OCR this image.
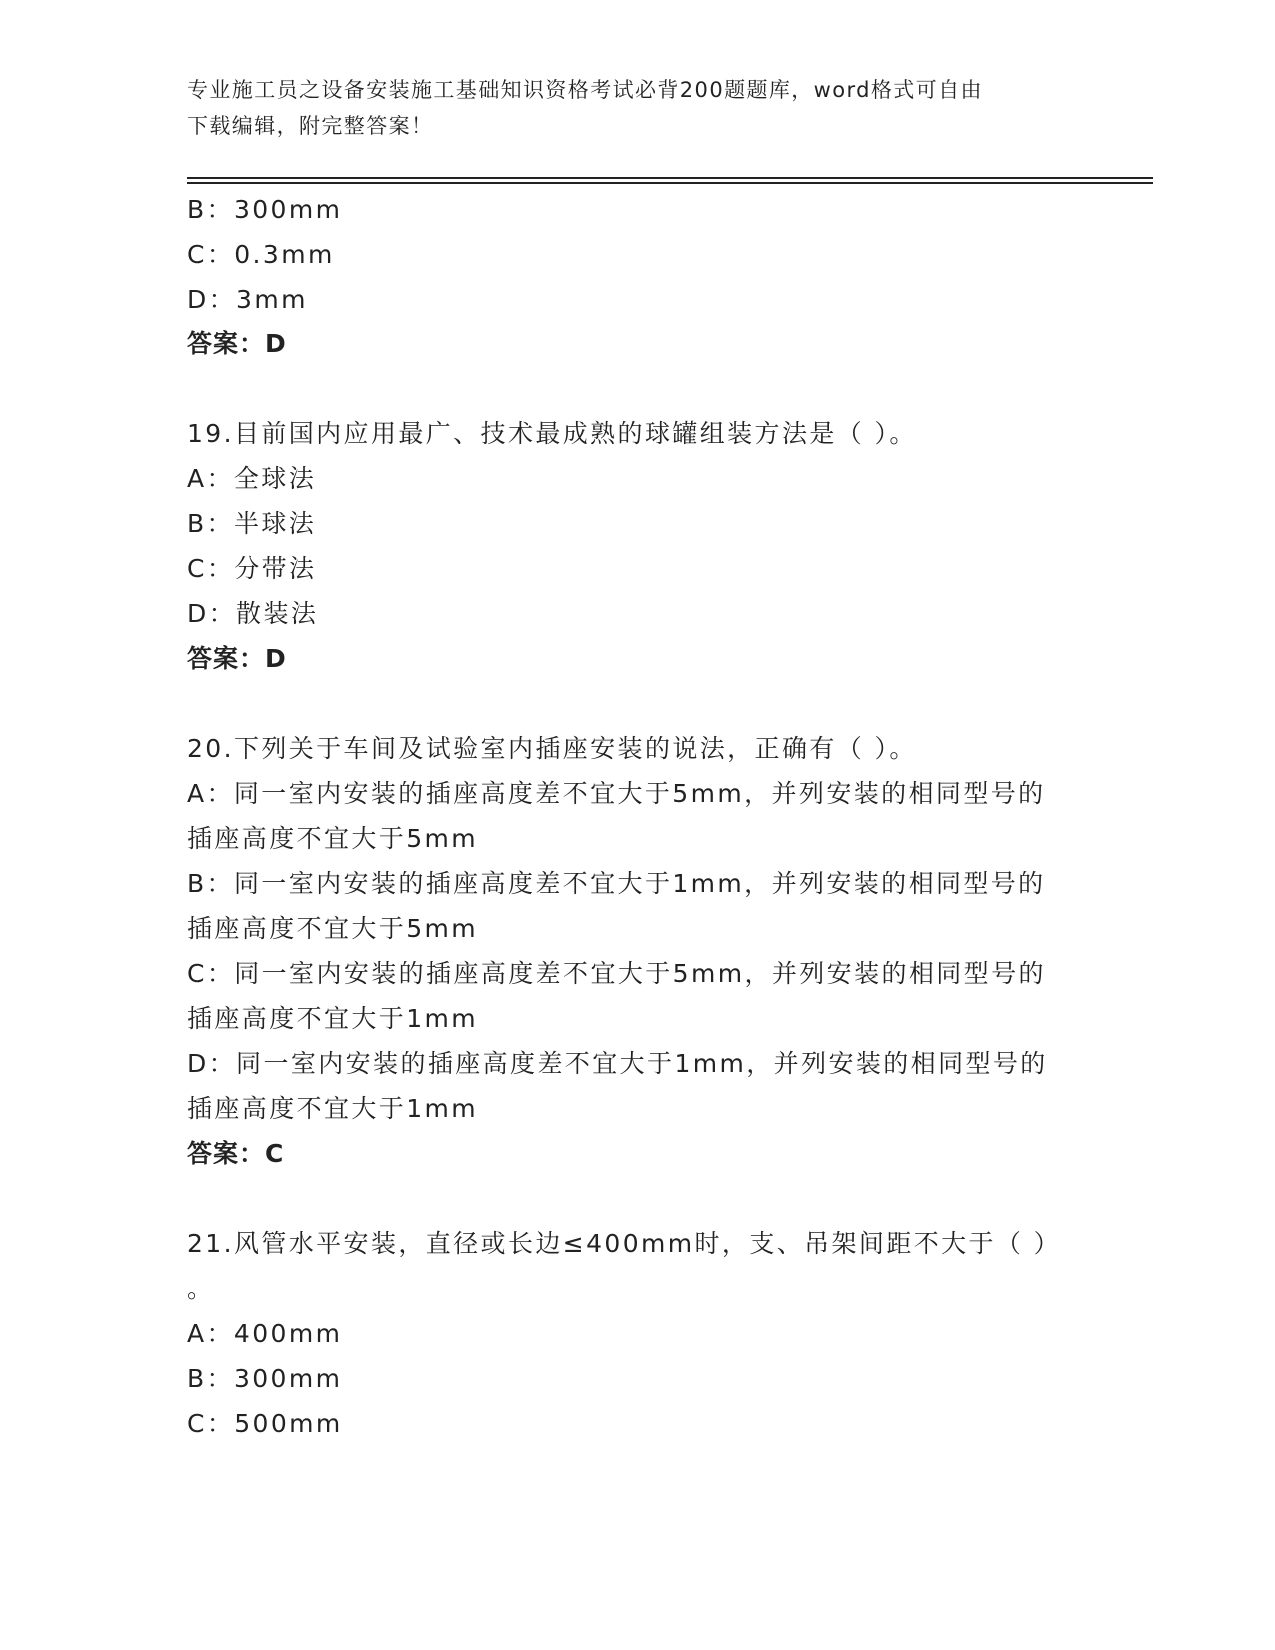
专业施工员之设备安装施工基础知识资格考试必背200题题库，word格式可自由
下载编辑，附完整答案！
B：300mm
C：0.3mm
D：3mm
答案：D
19.目前国内应用最广、技术最成熟的球罐组装方法是（ ）。
A：全球法
B：半球法
C：分带法
D：散装法
答案：D
20.下列关于车间及试验室内插座安装的说法，正确有（ ）。
A：同一室内安装的插座高度差不宜大于5mm，并列安装的相同型号的
插座高度不宜大于5mm
B：同一室内安装的插座高度差不宜大于1mm，并列安装的相同型号的
插座高度不宜大于5mm
C：同一室内安装的插座高度差不宜大于5mm，并列安装的相同型号的
插座高度不宜大于1mm
D：同一室内安装的插座高度差不宜大于1mm，并列安装的相同型号的
插座高度不宜大于1mm
答案：C
21.风管水平安装，直径或长边≤400mm时，支、吊架间距不大于（ ）
。
A：400mm
B：300mm
C：500mm
